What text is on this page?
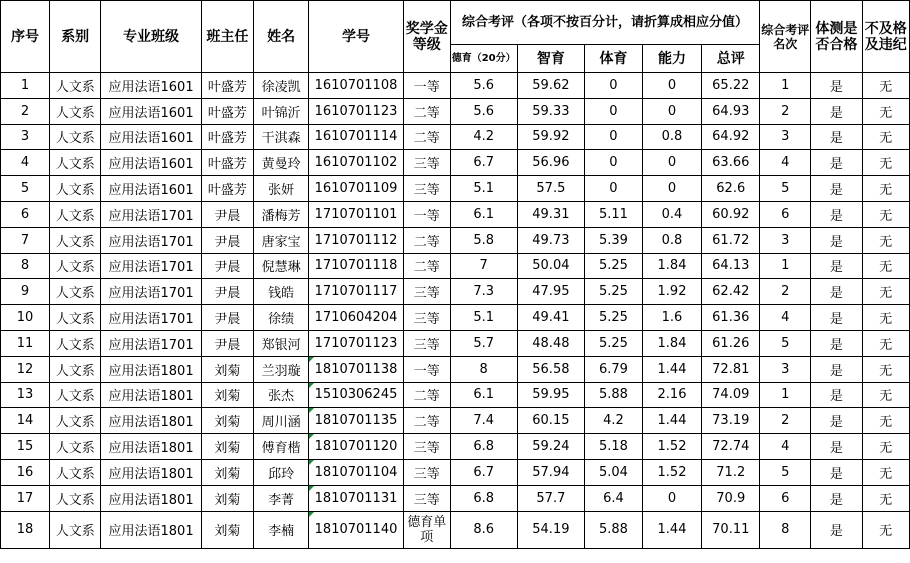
序号	系别	专业班级	班主任	姓名	学号	奖学金等级	综合考评（各项不按百分计，请折算成相应分值）					综合考评名次	体测是否合格	不及格及违纪
							德育（20分）	智育	体育	能力	总评			
1	人文系	应用法语1601	叶盛芳	徐凌凯	1610701108	一等	5.6	59.62	0	0	65.22	1	是	无
2	人文系	应用法语1601	叶盛芳	叶锦沂	1610701123	二等	5.6	59.33	0	0	64.93	2	是	无
3	人文系	应用法语1601	叶盛芳	干淇森	1610701114	二等	4.2	59.92	0	0.8	64.92	3	是	无
4	人文系	应用法语1601	叶盛芳	黄曼玲	1610701102	三等	6.7	56.96	0	0	63.66	4	是	无
5	人文系	应用法语1601	叶盛芳	张妍	1610701109	三等	5.1	57.5	0	0	62.6	5	是	无
6	人文系	应用法语1701	尹晨	潘梅芳	1710701101	一等	6.1	49.31	5.11	0.4	60.92	6	是	无
7	人文系	应用法语1701	尹晨	唐家宝	1710701112	二等	5.8	49.73	5.39	0.8	61.72	3	是	无
8	人文系	应用法语1701	尹晨	倪慧琳	1710701118	二等	7	50.04	5.25	1.84	64.13	1	是	无
9	人文系	应用法语1701	尹晨	钱皓	1710701117	三等	7.3	47.95	5.25	1.92	62.42	2	是	无
10	人文系	应用法语1701	尹晨	徐绩	1710604204	三等	5.1	49.41	5.25	1.6	61.36	4	是	无
11	人文系	应用法语1701	尹晨	郑银河	1710701123	三等	5.7	48.48	5.25	1.84	61.26	5	是	无
12	人文系	应用法语1801	刘菊	兰羽璇	1810701138	一等	8	56.58	6.79	1.44	72.81	3	是	无
13	人文系	应用法语1801	刘菊	张杰	1510306245	二等	6.1	59.95	5.88	2.16	74.09	1	是	无
14	人文系	应用法语1801	刘菊	周川涵	1810701135	二等	7.4	60.15	4.2	1.44	73.19	2	是	无
15	人文系	应用法语1801	刘菊	傅育楷	1810701120	三等	6.8	59.24	5.18	1.52	72.74	4	是	无
16	人文系	应用法语1801	刘菊	邱玲	1810701104	三等	6.7	57.94	5.04	1.52	71.2	5	是	无
17	人文系	应用法语1801	刘菊	李菁	1810701131	三等	6.8	57.7	6.4	0	70.9	6	是	无
18	人文系	应用法语1801	刘菊	李楠	1810701140	德育单项	8.6	54.19	5.88	1.44	70.11	8	是	无
